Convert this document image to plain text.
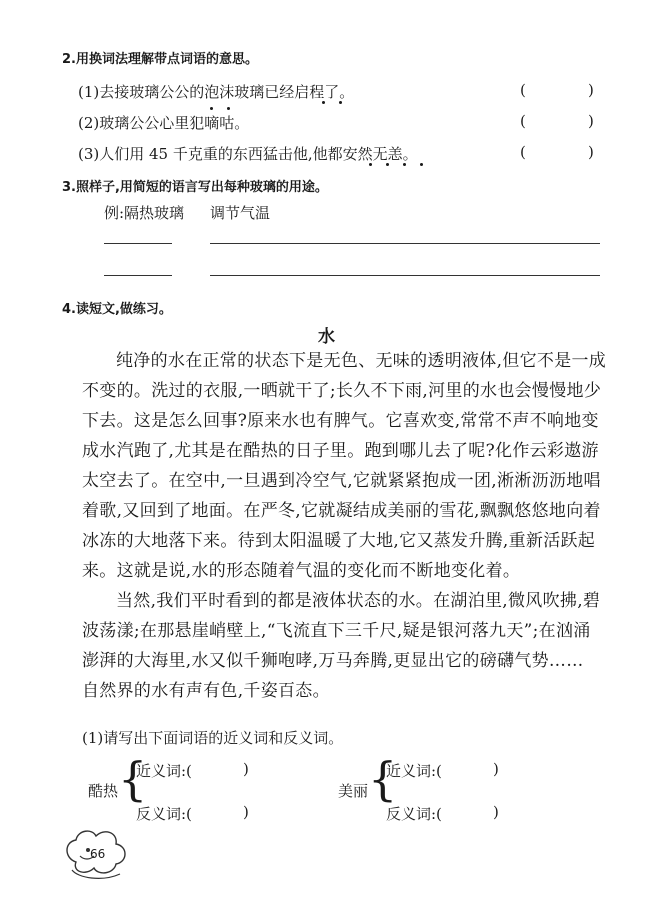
2.用换词法理解带点词语的意思。
(1)去接玻璃公公的泡沫玻璃已经启程了。	(	)
(2)玻璃公公心里犯嘀咕。	(	)
(3)人们用 45 千克重的东西猛击他,他都安然无恙。	(	)
3.照样子,用简短的语言写出每种玻璃的用途。
例:隔热玻璃 调节气温
4.读短文,做练习。
水
纯净的水在正常的状态下是无色、无味的透明液体,但它不是一成
不变的。洗过的衣服,一晒就干了;长久不下雨,河里的水也会慢慢地少
下去。这是怎么回事?原来水也有脾气。它喜欢变,常常不声不响地变
成水汽跑了,尤其是在酷热的日子里。跑到哪儿去了呢?化作云彩遨游
太空去了。在空中,一旦遇到冷空气,它就紧紧抱成一团,淅淅沥沥地唱
着歌,又回到了地面。在严冬,它就凝结成美丽的雪花,飘飘悠悠地向着
冰冻的大地落下来。待到太阳温暖了大地,它又蒸发升腾,重新活跃起
来。这就是说,水的形态随着气温的变化而不断地变化着。
当然,我们平时看到的都是液体状态的水。在湖泊里,微风吹拂,碧
波荡漾;在那悬崖峭壁上,“飞流直下三千尺,疑是银河落九天”;在汹涌
澎湃的大海里,水又似千狮咆哮,万马奔腾,更显出它的磅礴气势……
自然界的水有声有色,千姿百态。
(1)请写出下面词语的近义词和反义词。
酷热 {
近义词:(	)
反义词:(	)
美丽 {
近义词:(	)
反义词:(	)
66
